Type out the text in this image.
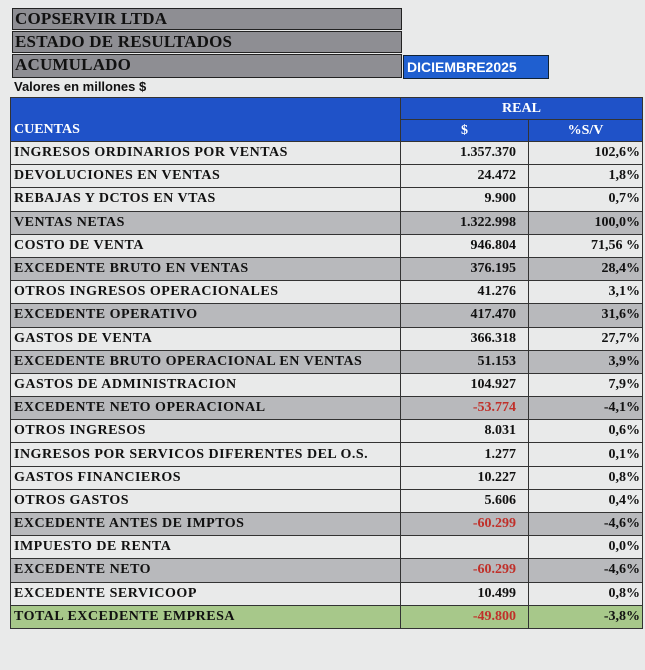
COPSERVIR LTDA
ESTADO DE RESULTADOS
ACUMULADO	DICIEMBRE2025
Valores en millones $
CUENTAS	REAL	
	$	%S/V
INGRESOS ORDINARIOS POR VENTAS	1.357.370	102,6%
DEVOLUCIONES EN VENTAS	24.472	1,8%
REBAJAS Y DCTOS EN VTAS	9.900	0,7%
VENTAS NETAS	1.322.998	100,0%
COSTO DE VENTA	946.804	71,56 %
EXCEDENTE BRUTO EN VENTAS	376.195	28,4%
OTROS INGRESOS OPERACIONALES	41.276	3,1%
EXCEDENTE OPERATIVO	417.470	31,6%
GASTOS DE VENTA	366.318	27,7%
EXCEDENTE BRUTO OPERACIONAL EN VENTAS	51.153	3,9%
GASTOS DE ADMINISTRACION	104.927	7,9%
EXCEDENTE NETO OPERACIONAL	-53.774	-4,1%
OTROS INGRESOS	8.031	0,6%
INGRESOS POR SERVICOS DIFERENTES DEL O.S.	1.277	0,1%
GASTOS FINANCIEROS	10.227	0,8%
OTROS GASTOS	5.606	0,4%
EXCEDENTE ANTES DE IMPTOS	-60.299	-4,6%
IMPUESTO DE RENTA		0,0%
EXCEDENTE NETO	-60.299	-4,6%
EXCEDENTE SERVICOOP	10.499	0,8%
TOTAL EXCEDENTE EMPRESA	-49.800	-3,8%
